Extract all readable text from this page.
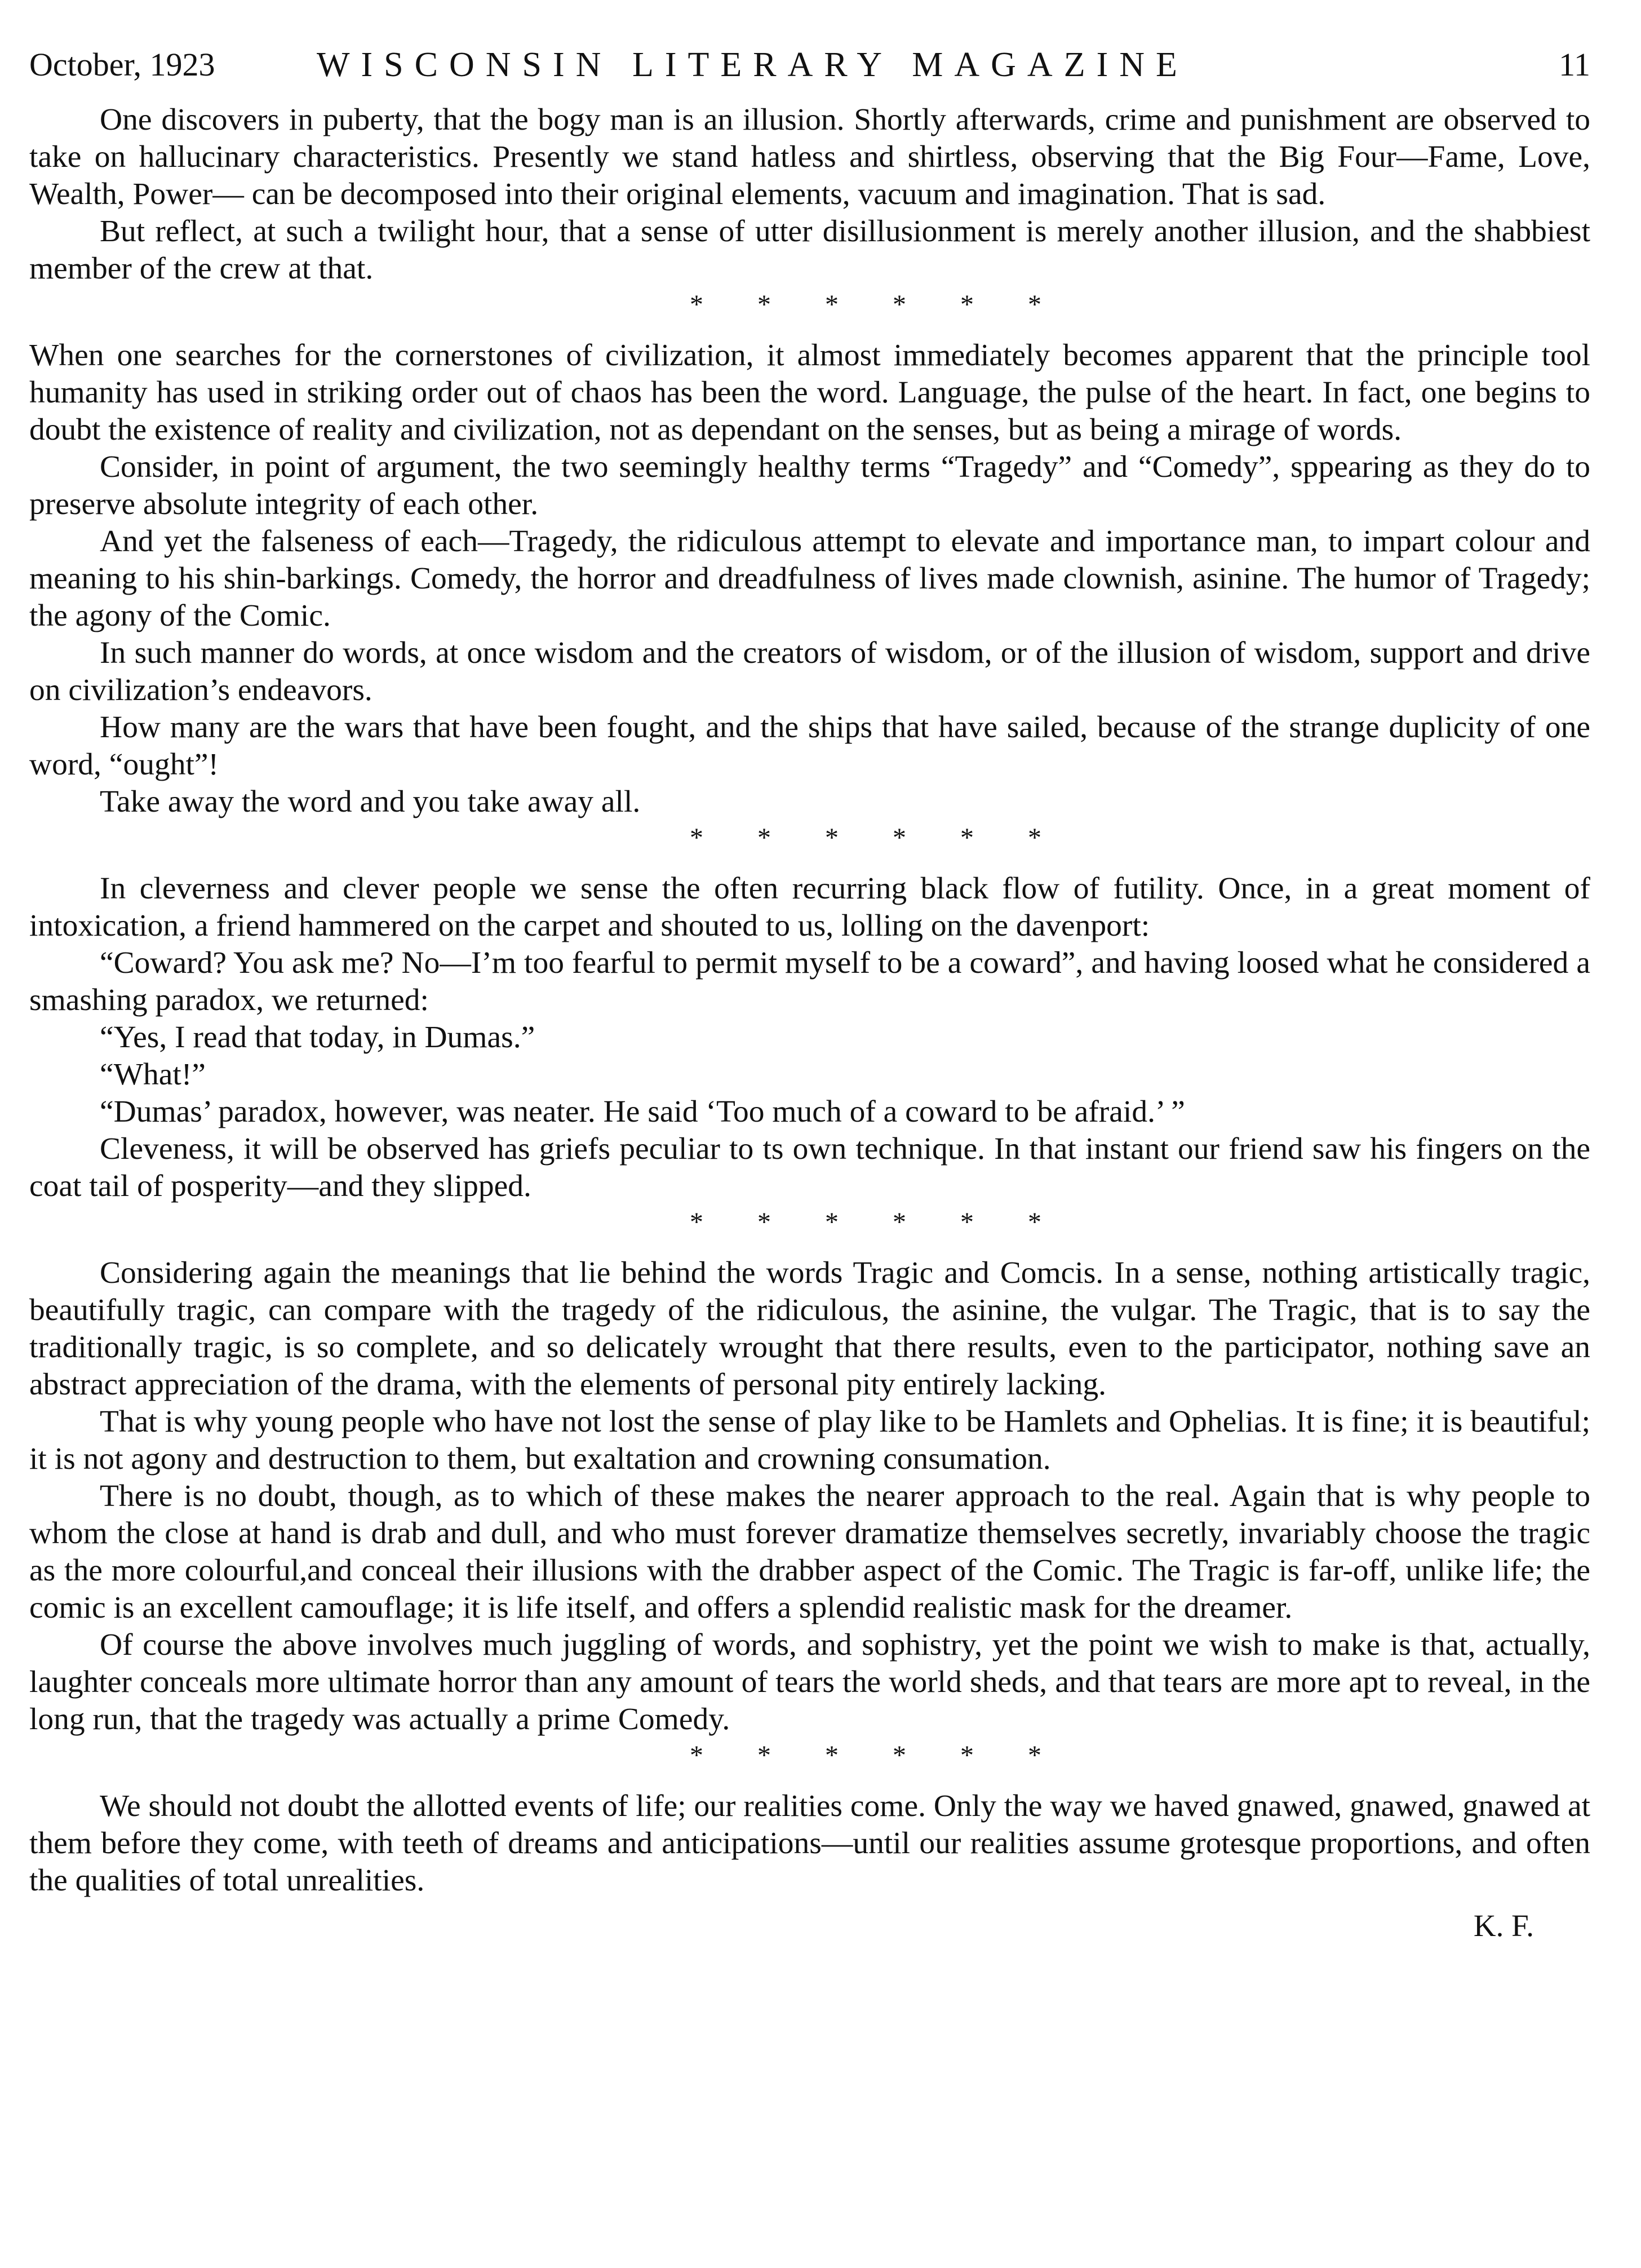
October, 1923	WISCONSIN LITERARY MAGAZINE	11

One discovers in puberty, that the bogy man is an illusion. Shortly afterwards, crime and punishment are observed to take on hallucinary characteristics. Presently we stand hatless and shirtless, observing that the Big Four—Fame, Love, Wealth, Power— can be decomposed into their original elements, vacuum and imagination. That is sad.

But reflect, at such a twilight hour, that a sense of utter disillusionment is merely another illusion, and the shabbiest member of the crew at that.

* * * * * *

When one searches for the cornerstones of civilization, it almost immediately becomes apparent that the principle tool humanity has used in striking order out of chaos has been the word. Language, the pulse of the heart. In fact, one begins to doubt the existence of reality and civilization, not as dependant on the senses, but as being a mirage of words.

Consider, in point of argument, the two seemingly healthy terms “Tragedy” and “Comedy”, sppearing as they do to preserve absolute integrity of each other.

And yet the falseness of each—Tragedy, the ridiculous attempt to elevate and importance man, to impart colour and meaning to his shin-barkings. Comedy, the horror and dreadfulness of lives made clownish, asinine. The humor of Tragedy; the agony of the Comic.

In such manner do words, at once wisdom and the creators of wisdom, or of the illusion of wisdom, support and drive on civilization’s endeavors.

How many are the wars that have been fought, and the ships that have sailed, because of the strange duplicity of one word, “ought”!

Take away the word and you take away all.

* * * * * *

In cleverness and clever people we sense the often recurring black flow of futility. Once, in a great moment of intoxication, a friend hammered on the carpet and shouted to us, lolling on the davenport:

“Coward? You ask me? No—I’m too fearful to permit myself to be a coward”, and having loosed what he considered a smashing paradox, we returned:

“Yes, I read that today, in Dumas.”

“What!”

“Dumas’ paradox, however, was neater. He said ‘Too much of a coward to be afraid.’ ”

Cleveness, it will be observed has griefs peculiar to ts own technique. In that instant our friend saw his fingers on the coat tail of posperity—and they slipped.

* * * * * *

Considering again the meanings that lie behind the words Tragic and Comcis. In a sense, nothing artistically tragic, beautifully tragic, can compare with the tragedy of the ridiculous, the asinine, the vulgar. The Tragic, that is to say the traditionally tragic, is so complete, and so delicately wrought that there results, even to the participator, nothing save an abstract appreciation of the drama, with the elements of personal pity entirely lacking.

That is why young people who have not lost the sense of play like to be Hamlets and Ophelias. It is fine; it is beautiful; it is not agony and destruction to them, but exaltation and crowning consumation.

There is no doubt, though, as to which of these makes the nearer approach to the real. Again that is why people to whom the close at hand is drab and dull, and who must forever dramatize themselves secretly, invariably choose the tragic as the more colourful,and conceal their illusions with the drabber aspect of the Comic. The Tragic is far-off, unlike life; the comic is an excellent camouflage; it is life itself, and offers a splendid realistic mask for the dreamer.

Of course the above involves much juggling of words, and sophistry, yet the point we wish to make is that, actually, laughter conceals more ultimate horror than any amount of tears the world sheds, and that tears are more apt to reveal, in the long run, that the tragedy was actually a prime Comedy.

* * * * * *

We should not doubt the allotted events of life; our realities come. Only the way we haved gnawed, gnawed, gnawed at them before they come, with teeth of dreams and anticipations—until our realities assume grotesque proportions, and often the qualities of total unrealities.

K. F.
